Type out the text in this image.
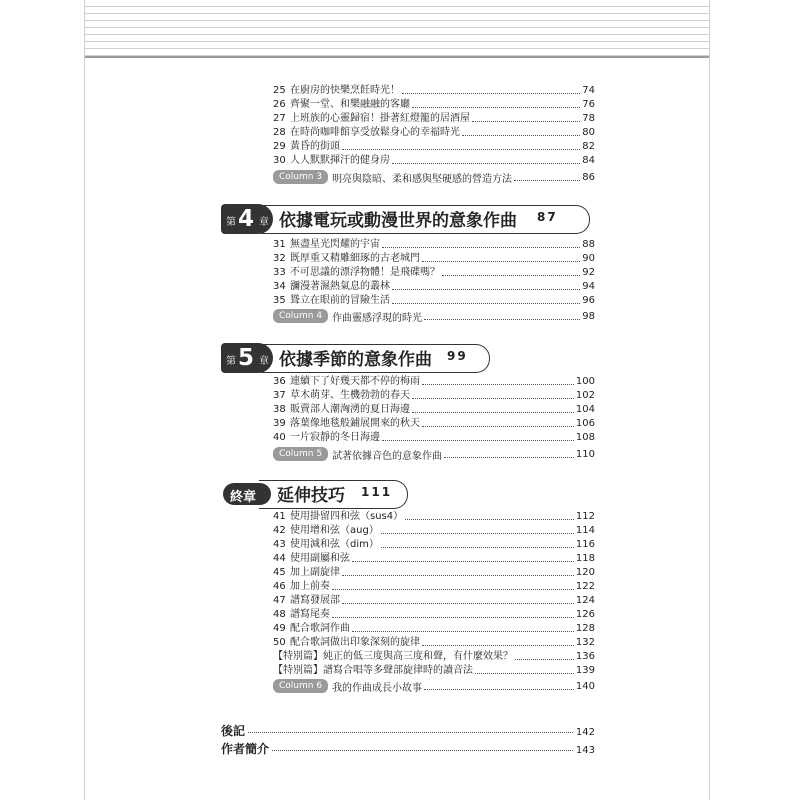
25 在廚房的快樂烹飪時光！	74
26 齊聚一堂、和樂融融的客廳	76
27 上班族的心靈歸宿！掛著紅燈籠的居酒屋	78
28 在時尚咖啡館享受放鬆身心的幸福時光	80
29 黃昏的街頭	82
30 人人默默揮汗的健身房	84
Column 3	明亮與陰暗、柔和感與堅硬感的營造方法	86
第 4 章 依據電玩或動漫世界的意象作曲 87
31 無盡星光閃耀的宇宙	88
32 既厚重又精雕細琢的古老城門	90
33 不可思議的漂浮物體！是飛碟嗎？	92
34 瀰漫著濕熱氣息的叢林	94
35 聳立在眼前的冒險生活	96
Column 4	作曲靈感浮現的時光	98
第 5 章 依據季節的意象作曲 99
36 連續下了好幾天都不停的梅雨	100
37 草木萌芽、生機勃勃的春天	102
38 販賣部人潮洶湧的夏日海邊	104
39 落葉像地毯般鋪展開來的秋天	106
40 一片寂靜的冬日海邊	108
Column 5	試著依據音色的意象作曲	110
終章 延伸技巧 111
41 使用掛留四和弦（sus4）	112
42 使用增和弦（aug）	114
43 使用減和弦（dim）	116
44 使用副屬和弦	118
45 加上副旋律	120
46 加上前奏	122
47 譜寫發展部	124
48 譜寫尾奏	126
49 配合歌詞作曲	128
50 配合歌詞做出印象深刻的旋律	132
【特別篇】純正的低三度與高三度和聲，有什麼效果？	136
【特別篇】譜寫合唱等多聲部旋律時的讀音法	139
Column 6	我的作曲成長小故事	140
後記	142
作者簡介	143
